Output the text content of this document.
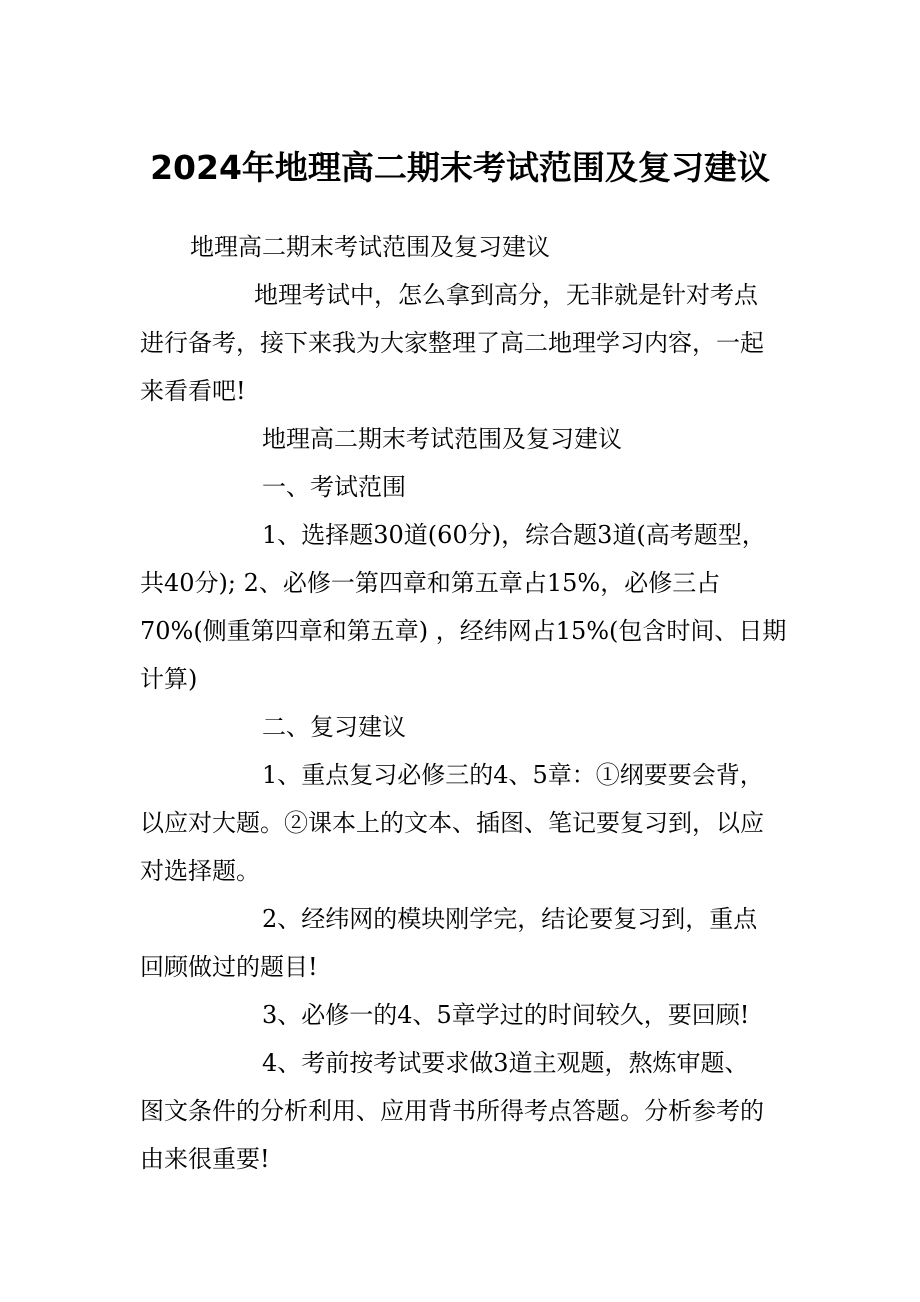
2024年地理高二期末考试范围及复习建议
地理高二期末考试范围及复习建议
地理考试中，怎么拿到高分，无非就是针对考点
进行备考，接下来我为大家整理了高二地理学习内容，一起
来看看吧!
地理高二期末考试范围及复习建议
一、考试范围
1、选择题30道(60分)，综合题3道(高考题型，
共40分); 2、必修一第四章和第五章占15%，必修三占
70%(侧重第四章和第五章) ，经纬网占15%(包含时间、日期
计算)
二、复习建议
1、重点复习必修三的4、5章：①纲要要会背，
以应对大题。②课本上的文本、插图、笔记要复习到，以应
对选择题。
2、经纬网的模块刚学完，结论要复习到，重点
回顾做过的题目!
3、必修一的4、5章学过的时间较久，要回顾!
4、考前按考试要求做3道主观题，熬炼审题、
图文条件的分析利用、应用背书所得考点答题。分析参考的
由来很重要!
